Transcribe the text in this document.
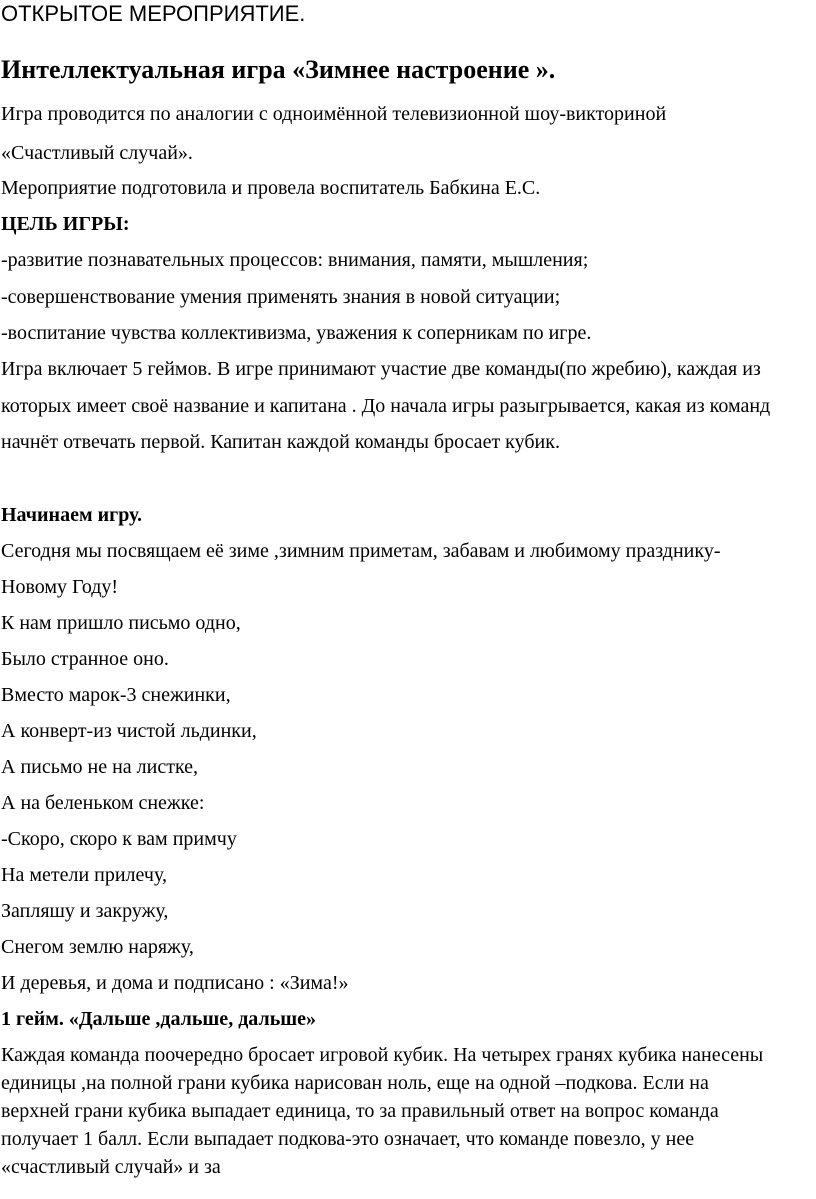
ОТКРЫТОЕ МЕРОПРИЯТИЕ.
Интеллектуальная игра «Зимнее настроение ».
Игра проводится по аналогии с одноимённой телевизионной шоу-викториной
«Счастливый случай».
Мероприятие подготовила и провела воспитатель Бабкина Е.С.
ЦЕЛЬ ИГРЫ:
-развитие познавательных процессов: внимания, памяти, мышления;
-совершенствование умения применять знания в новой ситуации;
-воспитание чувства коллективизма, уважения к соперникам по игре.
Игра включает 5 геймов. В игре принимают участие две команды(по жребию), каждая из
которых имеет своё название и капитана . До начала игры разыгрывается, какая из команд
начнёт отвечать первой. Капитан каждой команды бросает кубик.
Начинаем игру.
Сегодня мы посвящаем её зиме ,зимним приметам, забавам и любимому празднику-
Новому Году!
К нам пришло письмо одно,
Было странное оно.
Вместо марок-3 снежинки,
А конверт-из чистой льдинки,
А письмо не на листке,
А на беленьком снежке:
-Скоро, скоро к вам примчу
На метели прилечу,
Запляшу и закружу,
Снегом землю наряжу,
И деревья, и дома и подписано : «Зима!»
1 гейм. «Дальше ,дальше, дальше»
Каждая команда поочередно бросает игровой кубик. На четырех гранях кубика нанесены
единицы ,на полной грани кубика нарисован ноль, еще на одной –подкова. Если на
верхней грани кубика выпадает единица, то за правильный ответ на вопрос команда
получает 1 балл. Если выпадает подкова-это означает, что команде повезло, у нее
«счастливый случай» и за
